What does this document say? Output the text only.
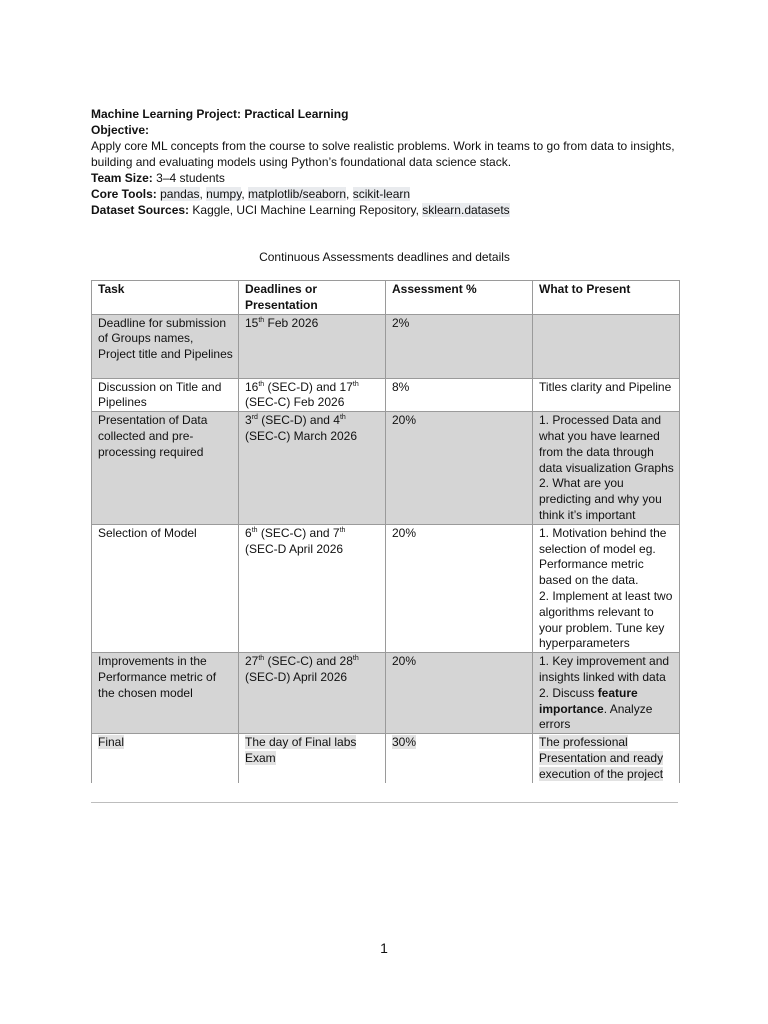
Machine Learning Project: Practical Learning

Objective:

Apply core ML concepts from the course to solve realistic problems. Work in teams to go from data to insights, building and evaluating models using Python’s foundational data science stack.

Team Size: 3–4 students

Core Tools: pandas, numpy, matplotlib/seaborn, scikit-learn

Dataset Sources: Kaggle, UCI Machine Learning Repository, sklearn.datasets

Continuous Assessments deadlines and details
Task	Deadlines or Presentation	Assessment %	What to Present
Deadline for submission of Groups names, Project title and Pipelines	15th Feb 2026	2%	
Discussion on Title and Pipelines	16th (SEC-D) and 17th (SEC-C) Feb 2026	8%	Titles clarity and Pipeline
Presentation of Data collected and pre-processing required	3rd (SEC-D) and 4th (SEC-C) March 2026	20%	1. Processed Data and what you have learned from the data through data visualization Graphs
2. What are you predicting and why you think it’s important

Selection of Model	6th (SEC-C) and 7th (SEC-D April 2026	20%	1. Motivation behind the selection of model eg. Performance metric based on the data.
2. Implement at least two algorithms relevant to your problem. Tune key hyperparameters

Improvements in the Performance metric of the chosen model	27th (SEC-C) and 28th (SEC-D) April 2026	20%	1. Key improvement and insights linked with data
2. Discuss feature importance. Analyze errors

Final	The day of Final labs Exam	30%	The professional Presentation and ready execution of the project
1
